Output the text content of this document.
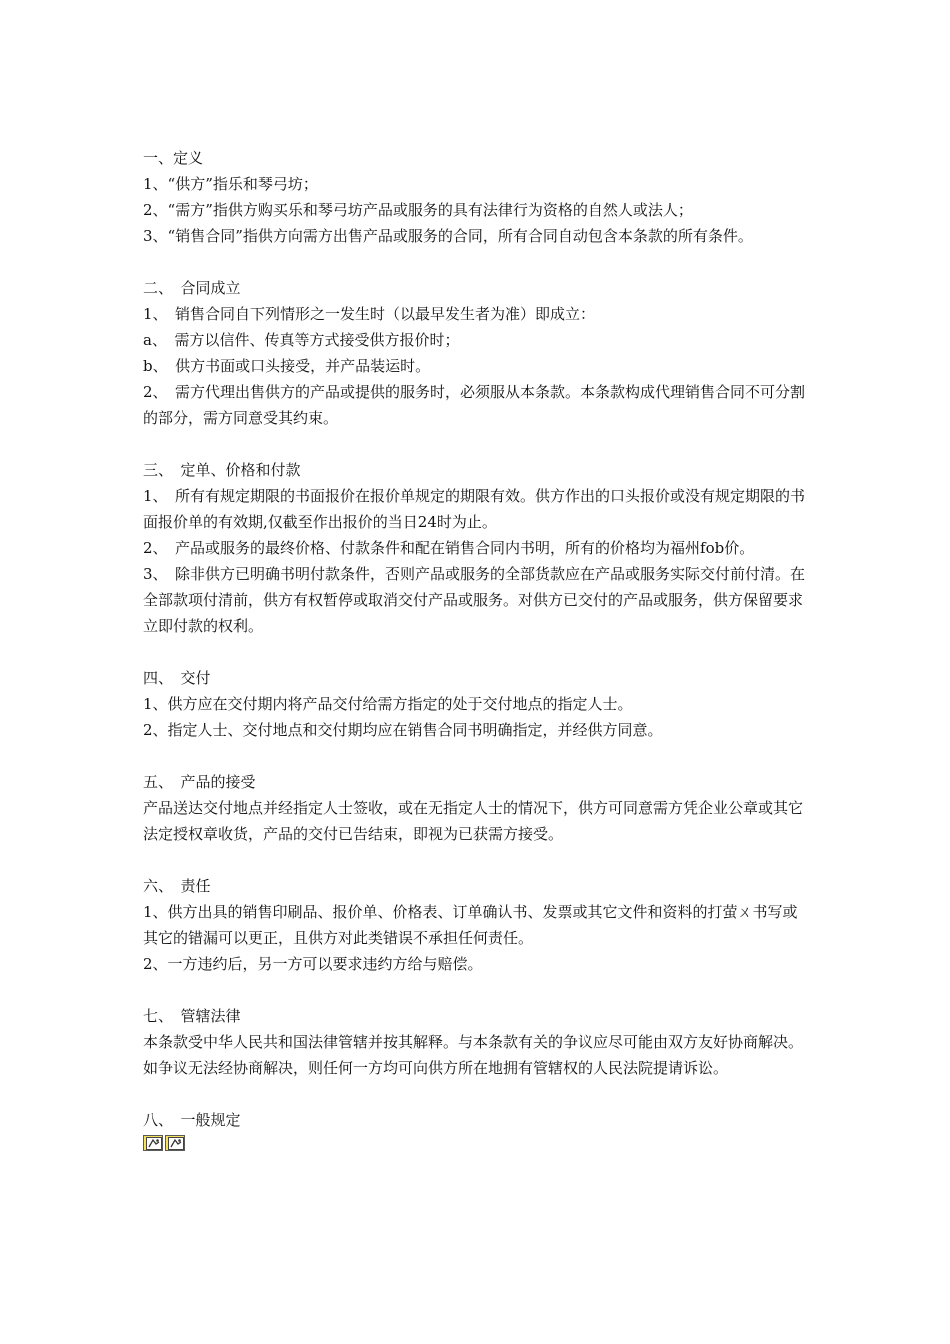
一、定义

1、“供方”指乐和琴弓坊；

2、“需方”指供方购买乐和琴弓坊产品或服务的具有法律行为资格的自然人或法人；

3、“销售合同”指供方向需方出售产品或服务的合同，所有合同自动包含本条款的所有条件。

二、　合同成立

1、　销售合同自下列情形之一发生时（以最早发生者为准）即成立：

a、　需方以信件、传真等方式接受供方报价时；

b、　供方书面或口头接受，并产品装运时。

2、　需方代理出售供方的产品或提供的服务时，必须服从本条款。本条款构成代理销售合同不可分割的部分，需方同意受其约束。

三、　定单、价格和付款

1、　所有有规定期限的书面报价在报价单规定的期限有效。供方作出的口头报价或没有规定期限的书面报价单的有效期,仅截至作出报价的当日24时为止。

2、　产品或服务的最终价格、付款条件和配在销售合同内书明，所有的价格均为福州fob价。

3、　除非供方已明确书明付款条件，否则产品或服务的全部货款应在产品或服务实际交付前付清。在全部款项付清前，供方有权暂停或取消交付产品或服务。对供方已交付的产品或服务，供方保留要求立即付款的权利。

四、　交付

1、供方应在交付期内将产品交付给需方指定的处于交付地点的指定人士。

2、指定人士、交付地点和交付期均应在销售合同书明确指定，并经供方同意。

五、　产品的接受

产品送达交付地点并经指定人士签收，或在无指定人士的情况下，供方可同意需方凭企业公章或其它法定授权章收货，产品的交付已告结束，即视为已获需方接受。

六、　责任

1、供方出具的销售印刷品、报价单、价格表、订单确认书、发票或其它文件和资料的打萤ㄨ书写或其它的错漏可以更正，且供方对此类错误不承担任何责任。

2、一方违约后，另一方可以要求违约方给与赔偿。

七、　管辖法律

本条款受中华人民共和国法律管辖并按其解释。与本条款有关的争议应尽可能由双方友好协商解决。如争议无法经协商解决，则任何一方均可向供方所在地拥有管辖权的人民法院提请诉讼。

八、　一般规定
